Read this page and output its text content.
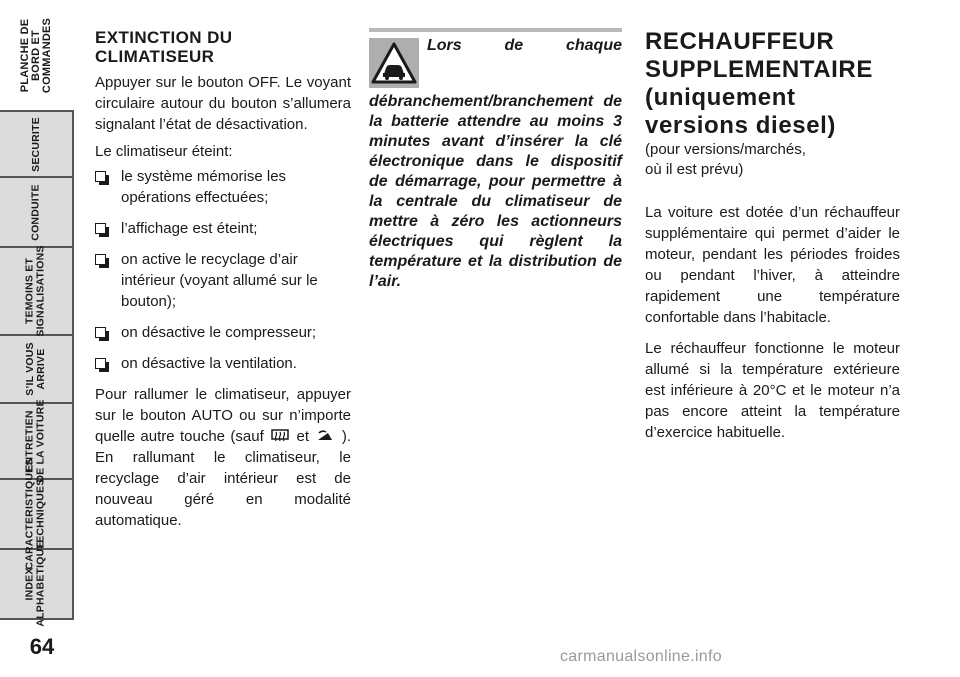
PLANCHE DE BORD ET COMMANDES
SECURITE
CONDUITE
TEMOINS ET SIGNALISATIONS
S’IL VOUS ARRIVE
ENTRETIEN DE LA VOITURE
CARACTERISTIQUES TECHNIQUES
INDEX ALPHABETIQUE
64
EXTINCTION DU
CLIMATISEUR

Appuyer sur le bouton OFF. Le voyant circulaire autour du bouton s’allumera signalant l’état de désactivation.

Le climatiseur éteint:

le système mémorise les opérations effectuées;
l’affichage est éteint;
on active le recyclage d’air intérieur (voyant allumé sur le bouton);
on désactive le compresseur;
on désactive la ventilation.

Pour rallumer le climatiseur, appuyer sur le bouton AUTO ou sur n’importe quelle autre touche (sauf et ). En rallumant le climatiseur, le recyclage d’air intérieur est de nouveau géré en modalité automatique.

Lors de chaque débranchement/branchement de la batterie attendre au moins 3 minutes avant d’insérer la clé électronique dans le dispositif de démarrage, pour permettre à la centrale du climatiseur de mettre à zéro les actionneurs électriques qui règlent la température et la distribution de l’air.
RECHAUFFEUR
SUPPLEMENTAIRE
(uniquement
versions diesel)

(pour versions/marchés,
où il est prévu)

La voiture est dotée d’un réchauffeur supplémentaire qui permet d’aider le moteur, pendant les périodes froides ou pendant l’hiver, à atteindre rapidement une température confortable dans l’habitacle.

Le réchauffeur fonctionne le moteur allumé si la température extérieure est inférieure à 20°C et le moteur n’a pas encore atteint la température d’exercice habituelle.

carmanualsonline.info
